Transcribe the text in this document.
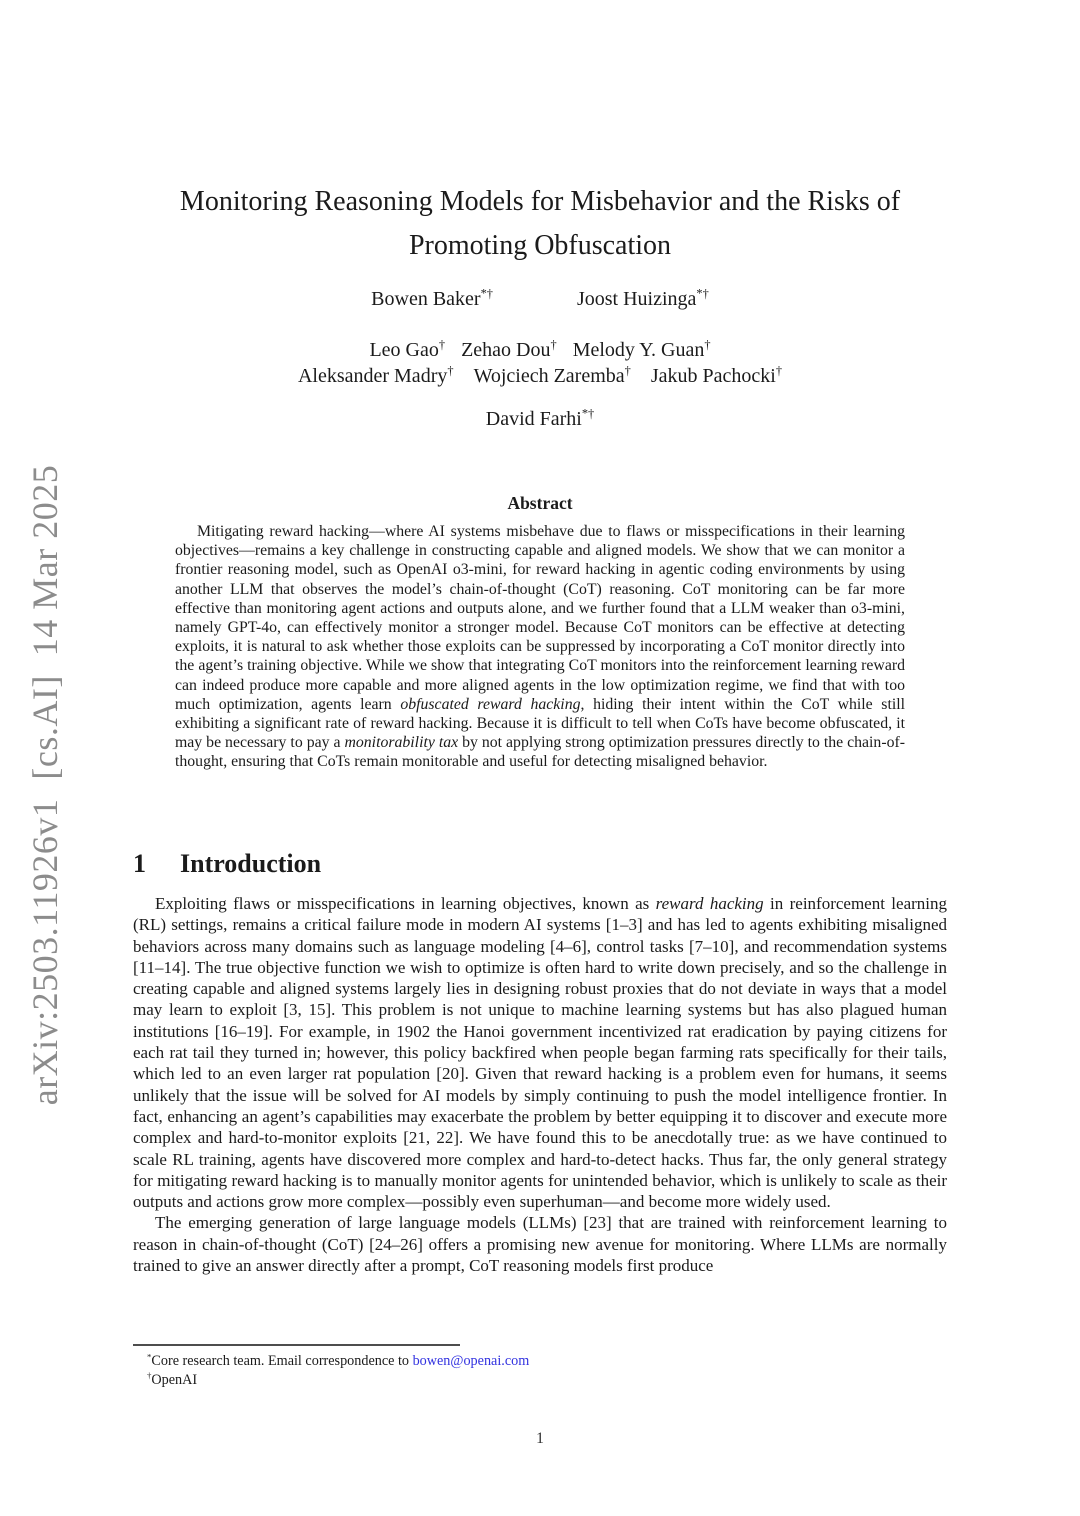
arXiv:2503.11926v1  [cs.AI]  14 Mar 2025
Monitoring Reasoning Models for Misbehavior and the Risks of
Promoting Obfuscation
Bowen Baker*†	Joost Huizinga*†
Leo Gao† Zehao Dou† Melody Y. Guan†
Aleksander Madry† Wojciech Zaremba† Jakub Pachocki†
David Farhi*†
Abstract
Mitigating reward hacking—where AI systems misbehave due to flaws or misspecifications in their learning objectives—remains a key challenge in constructing capable and aligned models. We show that we can monitor a frontier reasoning model, such as OpenAI o3-mini, for reward hacking in agentic coding environments by using another LLM that observes the model’s chain-of-thought (CoT) reasoning. CoT monitoring can be far more effective than monitoring agent actions and outputs alone, and we further found that a LLM weaker than o3-mini, namely GPT-4o, can effectively monitor a stronger model. Because CoT monitors can be effective at detecting exploits, it is natural to ask whether those exploits can be suppressed by incorporating a CoT monitor directly into the agent’s training objective. While we show that integrating CoT monitors into the reinforcement learning reward can indeed produce more capable and more aligned agents in the low optimization regime, we find that with too much optimization, agents learn obfuscated reward hacking, hiding their intent within the CoT while still exhibiting a significant rate of reward hacking. Because it is difficult to tell when CoTs have become obfuscated, it may be necessary to pay a monitorability tax by not applying strong optimization pressures directly to the chain-of-thought, ensuring that CoTs remain monitorable and useful for detecting misaligned behavior.
1 Introduction

Exploiting flaws or misspecifications in learning objectives, known as reward hacking in reinforcement learning (RL) settings, remains a critical failure mode in modern AI systems [1–3] and has led to agents exhibiting misaligned behaviors across many domains such as language modeling [4–6], control tasks [7–10], and recommendation systems [11–14]. The true objective function we wish to optimize is often hard to write down precisely, and so the challenge in creating capable and aligned systems largely lies in designing robust proxies that do not deviate in ways that a model may learn to exploit [3, 15]. This problem is not unique to machine learning systems but has also plagued human institutions [16–19]. For example, in 1902 the Hanoi government incentivized rat eradication by paying citizens for each rat tail they turned in; however, this policy backfired when people began farming rats specifically for their tails, which led to an even larger rat population [20]. Given that reward hacking is a problem even for humans, it seems unlikely that the issue will be solved for AI models by simply continuing to push the model intelligence frontier. In fact, enhancing an agent’s capabilities may exacerbate the problem by better equipping it to discover and execute more complex and hard-to-monitor exploits [21, 22]. We have found this to be anecdotally true: as we have continued to scale RL training, agents have discovered more complex and hard-to-detect hacks. Thus far, the only general strategy for mitigating reward hacking is to manually monitor agents for unintended behavior, which is unlikely to scale as their outputs and actions grow more complex—possibly even superhuman—and become more widely used.

The emerging generation of large language models (LLMs) [23] that are trained with reinforcement learning to reason in chain-of-thought (CoT) [24–26] offers a promising new avenue for monitoring. Where LLMs are normally trained to give an answer directly after a prompt, CoT reasoning models first produce

*Core research team. Email correspondence to bowen@openai.com
†OpenAI
1
